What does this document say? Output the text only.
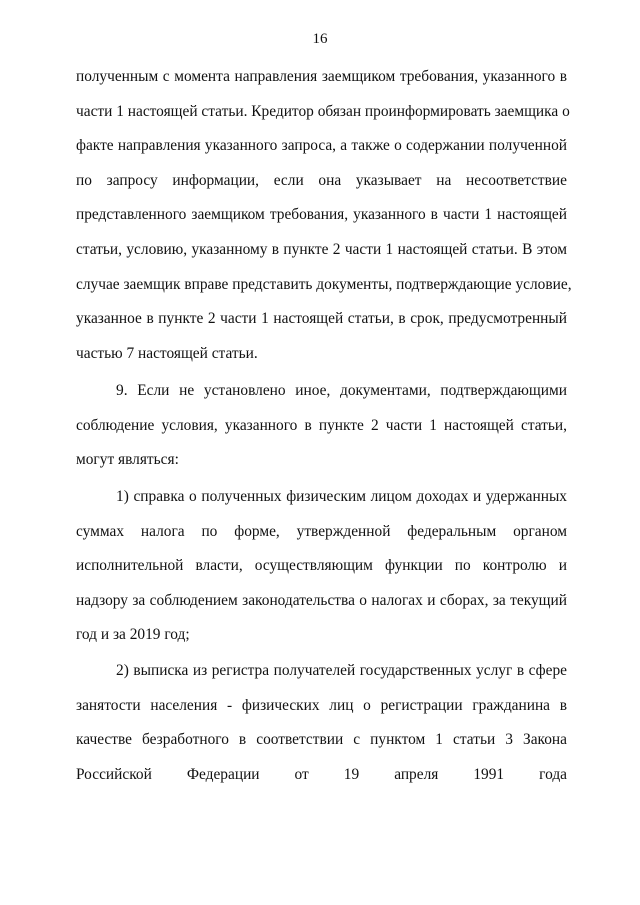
16
полученным с момента направления заемщиком требования, указанного в
части 1 настоящей статьи. Кредитор обязан проинформировать заемщика о
факте направления указанного запроса, а также о содержании полученной
по запросу информации, если она указывает на несоответствие
представленного заемщиком требования, указанного в части 1 настоящей
статьи, условию, указанному в пункте 2 части 1 настоящей статьи. В этом
случае заемщик вправе представить документы, подтверждающие условие,
указанное в пункте 2 части 1 настоящей статьи, в срок, предусмотренный
частью 7 настоящей статьи.
9. Если не установлено иное, документами, подтверждающими
соблюдение условия, указанного в пункте 2 части 1 настоящей статьи,
могут являться:
1) справка о полученных физическим лицом доходах и удержанных
суммах налога по форме, утвержденной федеральным органом
исполнительной власти, осуществляющим функции по контролю и
надзору за соблюдением законодательства о налогах и сборах, за текущий
год и за 2019 год;
2) выписка из регистра получателей государственных услуг в сфере
занятости населения - физических лиц о регистрации гражданина в
качестве безработного в соответствии с пунктом 1 статьи 3 Закона
Российской Федерации от 19 апреля 1991 года
